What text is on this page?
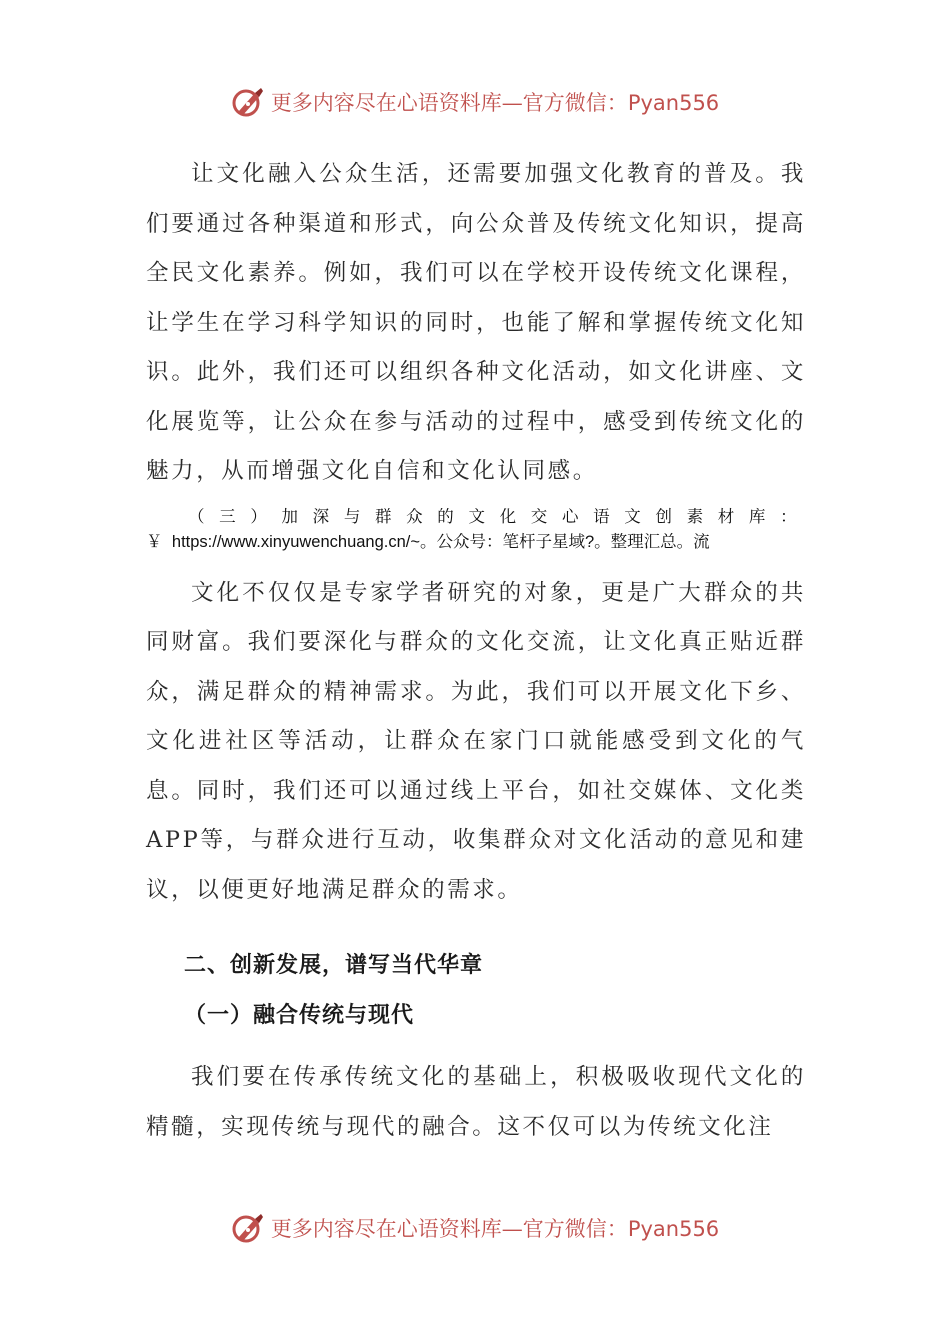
更多内容尽在心语资料库—官方微信：Pyan556

让文化融入公众生活，还需要加强文化教育的普及。我们要通过各种渠道和形式，向公众普及传统文化知识，提高全民文化素养。例如，我们可以在学校开设传统文化课程，让学生在学习科学知识的同时，也能了解和掌握传统文化知识。此外，我们还可以组织各种文化活动，如文化讲座、文化展览等，让公众在参与活动的过程中，感受到传统文化的魅力，从而增强文化自信和文化认同感。

（三）加深与群众的文化交心语文创素材库：￥https://www.xinyuwenchuang.cn/~。公众号：笔杆子星域?。整理汇总。流

文化不仅仅是专家学者研究的对象，更是广大群众的共同财富。我们要深化与群众的文化交流，让文化真正贴近群众，满足群众的精神需求。为此，我们可以开展文化下乡、文化进社区等活动，让群众在家门口就能感受到文化的气息。同时，我们还可以通过线上平台，如社交媒体、文化类APP等，与群众进行互动，收集群众对文化活动的意见和建议，以便更好地满足群众的需求。

二、创新发展，谱写当代华章
（一）融合传统与现代

我们要在传承传统文化的基础上，积极吸收现代文化的精髓，实现传统与现代的融合。这不仅可以为传统文化注

更多内容尽在心语资料库—官方微信：Pyan556
